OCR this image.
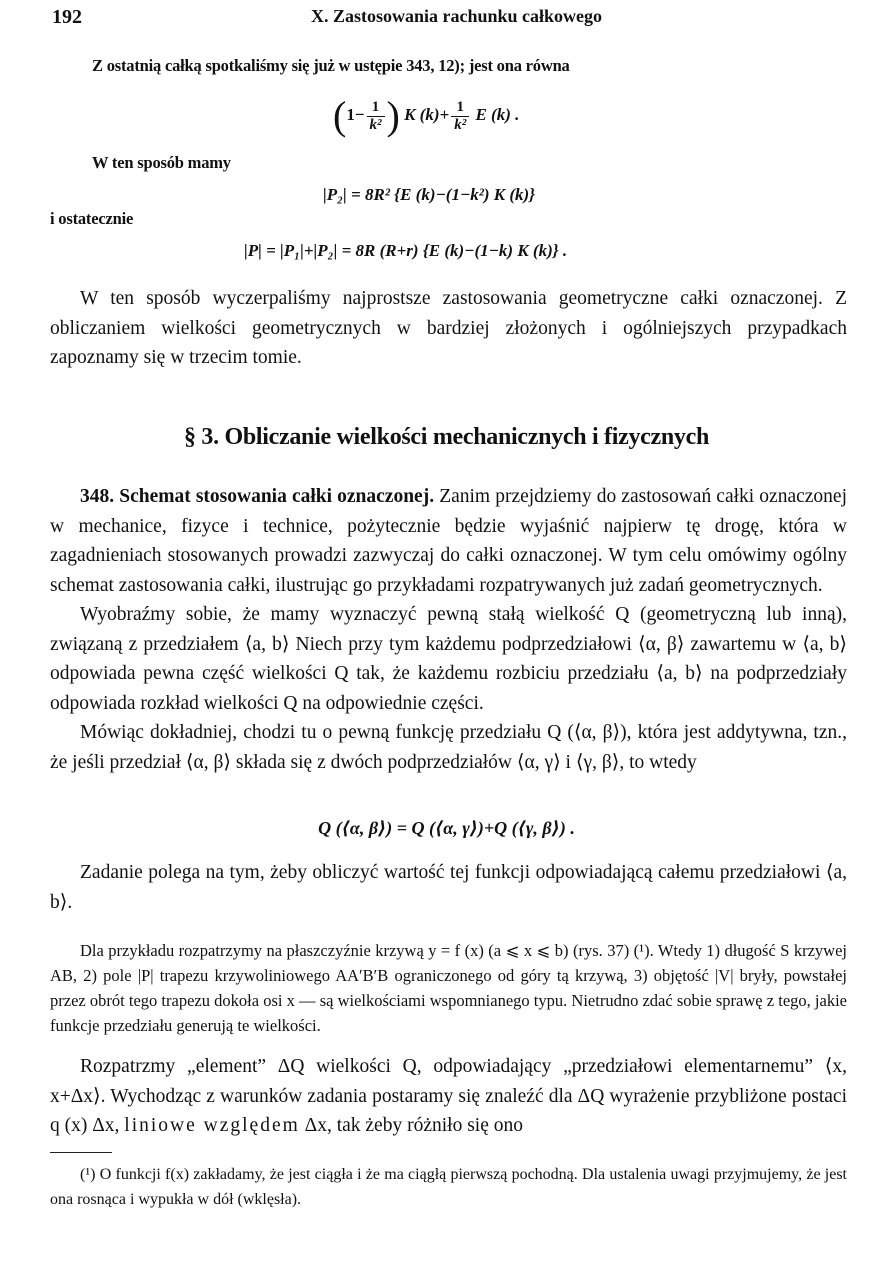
192	X. Zastosowania rachunku całkowego
Z ostatnią całką spotkaliśmy się już w ustępie 343, 12); jest ona równa
($1- \frac{1}{\text{k²}}$ ) K $(k)+ \frac{1}{\text{k²}}$ E (k) .
W ten sposób mamy
|P₂| = 8R² {E (k)−(1−k²) K (k)}
i ostatecznie
|P| = |P₁|+|P₂| = 8R (R+r) {E (k)−(1−k) K (k)} .

W ten sposób wyczerpaliśmy najprostsze zastosowania geometryczne całki oznaczonej. Z obliczaniem wielkości geometrycznych w bardziej złożonych i ogólniejszych przypadkach zapoznamy się w trzecim tomie.

§ 3. Obliczanie wielkości mechanicznych i fizycznych

348. Schemat stosowania całki oznaczonej. Zanim przejdziemy do zastosowań całki oznaczonej w mechanice, fizyce i technice, pożytecznie będzie wyjaśnić najpierw tę drogę, która w zagadnieniach stosowanych prowadzi zazwyczaj do całki oznaczonej. W tym celu omówimy ogólny schemat zastosowania całki, ilustrując go przykładami rozpatrywanych już zadań geometrycznych.

Wyobraźmy sobie, że mamy wyznaczyć pewną stałą wielkość Q (geometryczną lub inną), związaną z przedziałem ⟨a, b⟩ Niech przy tym każdemu podprzedziałowi ⟨α, β⟩ zawartemu w ⟨a, b⟩ odpowiada pewna część wielkości Q tak, że każdemu rozbiciu przedziału ⟨a, b⟩ na podprzedziały odpowiada rozkład wielkości Q na odpowiednie części.

Mówiąc dokładniej, chodzi tu o pewną funkcję przedziału Q (⟨α, β⟩), która jest addytywna, tzn., że jeśli przedział ⟨α, β⟩ składa się z dwóch podprzedziałów ⟨α, γ⟩ i ⟨γ, β⟩, to wtedy

Q (⟨α, β⟩) = Q (⟨α, γ⟩)+Q (⟨γ, β⟩) .

Zadanie polega na tym, żeby obliczyć wartość tej funkcji odpowiadającą całemu przedziałowi ⟨a, b⟩.

Dla przykładu rozpatrzymy na płaszczyźnie krzywą y = f (x) (a ⩽ x ⩽ b) (rys. 37) (¹). Wtedy 1) długość S krzywej AB, 2) pole |P| trapezu krzywoliniowego AA′B′B ograniczonego od góry tą krzywą, 3) objętość |V| bryły, powstałej przez obrót tego trapezu dokoła osi x — są wielkościami wspomnianego typu. Nietrudno zdać sobie sprawę z tego, jakie funkcje przedziału generują te wielkości.

Rozpatrzmy „element” ΔQ wielkości Q, odpowiadający „przedziałowi elementarnemu” ⟨x, x+Δx⟩. Wychodząc z warunków zadania postaramy się znaleźć dla ΔQ wyrażenie przybliżone postaci q (x) Δx, liniowe względem Δx, tak żeby różniło się ono

(¹) O funkcji f(x) zakładamy, że jest ciągła i że ma ciągłą pierwszą pochodną. Dla ustalenia uwagi przyjmujemy, że jest ona rosnąca i wypukła w dół (wklęsła).
